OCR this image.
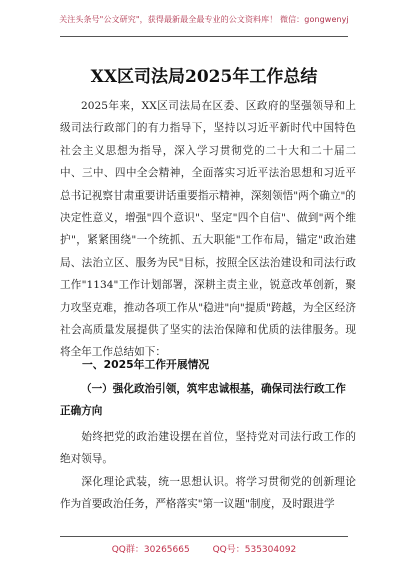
关注头条号"公文研究"，获得最新最全最专业的公文资料库！ 微信：gongwenyj
XX区司法局2025年工作总结
2025年来，XX区司法局在区委、区政府的坚强领导和上级司法行政部门的有力指导下，坚持以习近平新时代中国特色社会主义思想为指导，深入学习贯彻党的二十大和二十届二中、三中、四中全会精神，全面落实习近平法治思想和习近平总书记视察甘肃重要讲话重要指示精神，深刻领悟"两个确立"的决定性意义，增强"四个意识"、坚定"四个自信"、做到"两个维护"，紧紧围绕"一个统抓、五大职能"工作布局，锚定"政治建局、法治立区、服务为民"目标，按照全区法治建设和司法行政工作"1134"工作计划部署，深耕主责主业，锐意改革创新，聚力攻坚克难，推动各项工作从"稳进"向"提质"跨越，为全区经济社会高质量发展提供了坚实的法治保障和优质的法律服务。现将全年工作总结如下：
一、2025年工作开展情况
（一）强化政治引领，筑牢忠诚根基，确保司法行政工作正确方向
始终把党的政治建设摆在首位，坚持党对司法行政工作的绝对领导。
深化理论武装，统一思想认识。将学习贯彻党的创新理论作为首要政治任务，严格落实"第一议题"制度，及时跟进学
QQ群：30265665	QQ号：535304092
